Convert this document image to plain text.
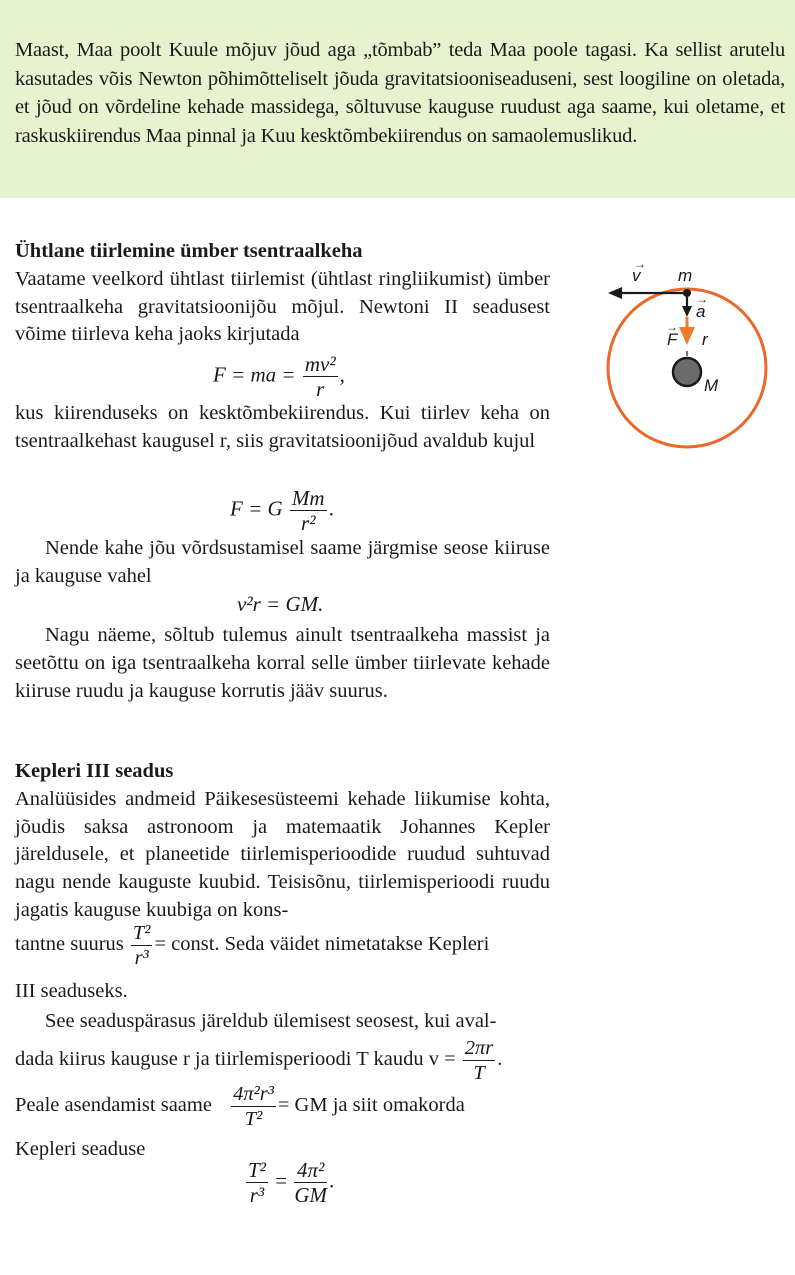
Maast, Maa poolt Kuule mõjuv jõud aga „tõmbab” teda Maa poole tagasi. Ka sellist arutelu kasutades võis Newton põhimõtteliselt jõuda gravitatsiooniseaduseni, sest loogiline on oletada, et jõud on võrdeline kehade massidega, sõltuvuse kauguse ruudust aga saame, kui oletame, et raskuskiirendus Maa pinnal ja Kuu kesktõmbekiirendus on samaolemuslikud.

Ühtlane tiirlemine ümber tsentraalkeha

Vaatame veelkord ühtlast tiirlemist (ühtlast ringliikumist) ümber tsentraalkeha gravitatsioonijõu mõjul. Newtoni II seadusest võime tiirleva keha jaoks kirjutada

F = ma = $\frac{\text{mv²}}{r}$ ,

kus kiirenduseks on kesktõmbekiirendus. Kui tiirlev keha on tsentraalkehast kaugusel r, siis gravitatsioonijõud avaldub kujul

F = G $\frac{Mm}{\text{r²}}$ .

Nende kahe jõu võrdsustamisel saame järgmise seose kiiruse ja kauguse vahel

v²r = GM.

Nagu näeme, sõltub tulemus ainult tsentraalkeha massist ja seetõttu on iga tsentraalkeha korral selle ümber tiirlevate kehade kiiruse ruudu ja kauguse korrutis jääv suurus.

v
→
m
a
→
F
→
r
M

Kepleri III seadus

Analüüsides andmeid Päikesesüsteemi kehade liikumise kohta, jõudis saksa astronoom ja matemaatik Johannes Kepler järeldusele, et planeetide tiirlemisperioodide ruudud suhtuvad nagu nende kauguste kuubid. Teisisõnu, tiirlemisperioodi ruudu jagatis kauguse kuubiga on kons-

tantne suurus $\frac{\text{T²}}{\text{r³}}$ = const. Seda väidet nimetatakse Kepleri
III seaduseks.
See seaduspärasus järeldub ülemisest seosest, kui aval-
dada kiirus kauguse r ja tiirlemisperioodi T kaudu $v = \frac{2\pi r}{T}$ .
Peale asendamist saame $\frac{\text{4π²r³}}{\text{T²}}$ = GM ja siit omakorda
Kepleri seaduse
$\frac{\text{T²}}{\text{r³}} = \frac{\text{4π²}}{GM}$ .
